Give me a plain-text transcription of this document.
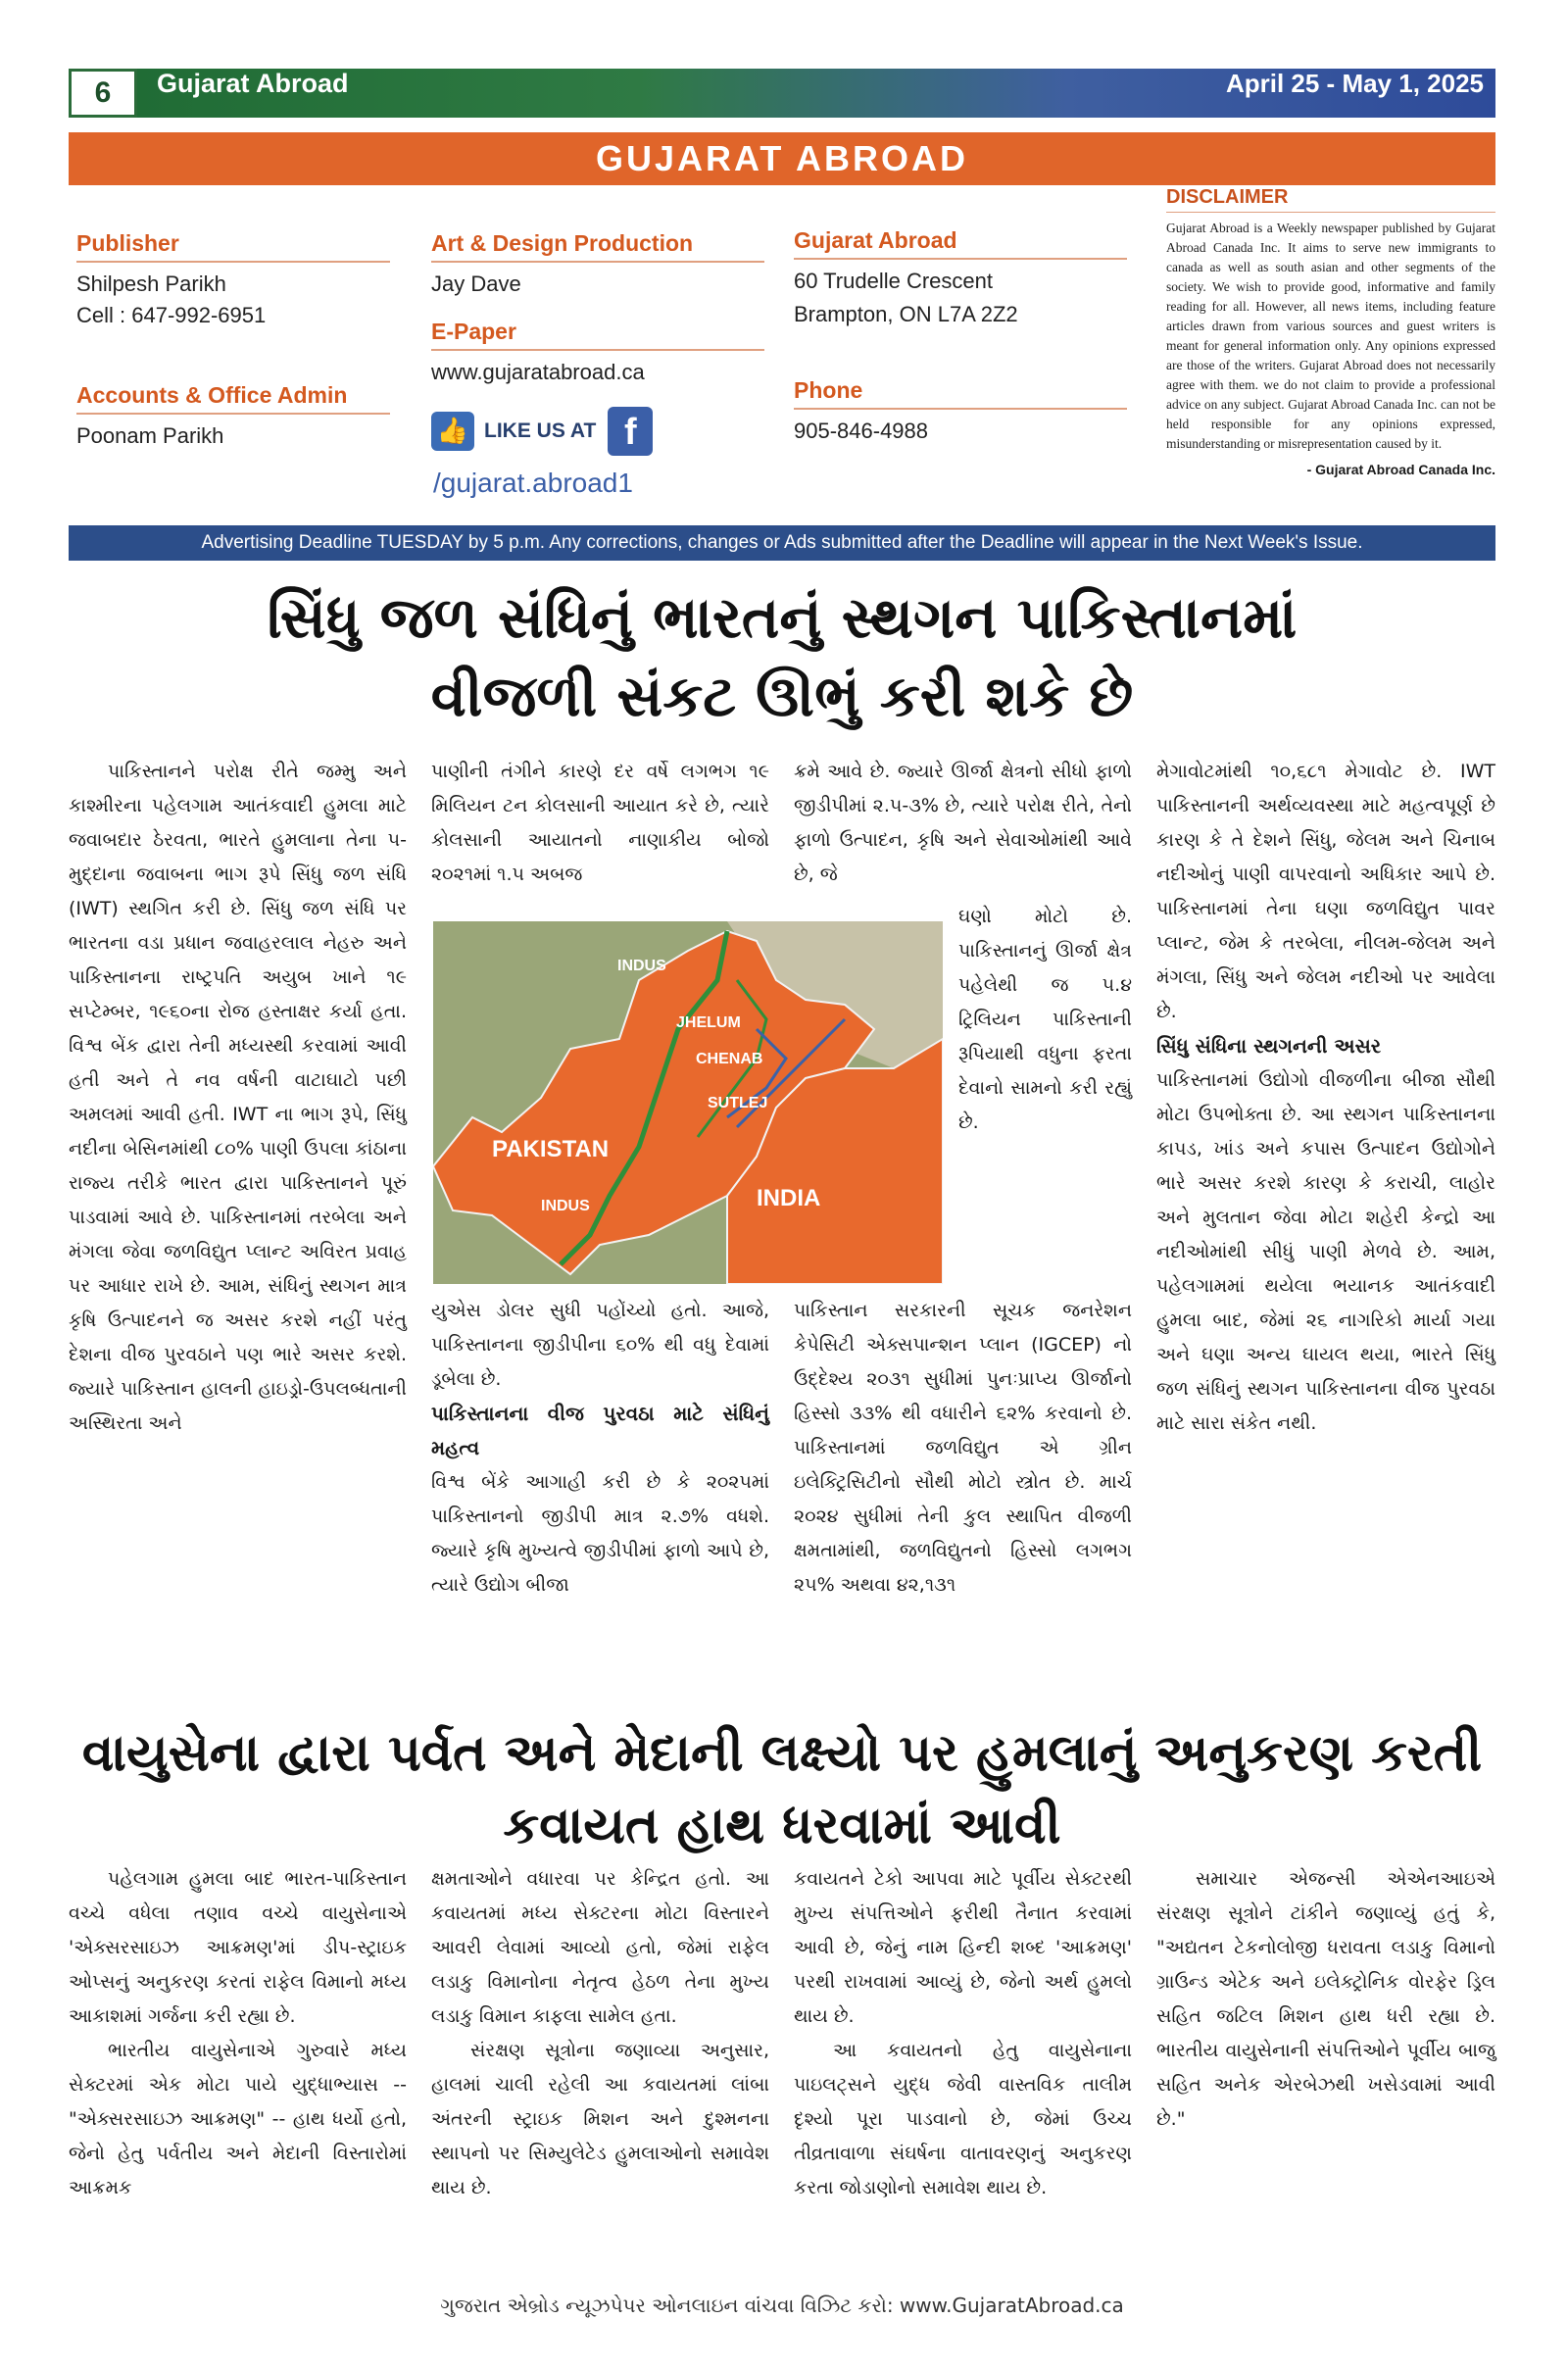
6	Gujarat Abroad	April 25 - May 1, 2025
GUJARAT ABROAD
Publisher
Shilpesh Parikh
Cell : 647-992-6951
Accounts & Office Admin
Poonam Parikh
Art & Design Production
Jay Dave
E-Paper
www.gujaratabroad.ca
👍 LIKE US AT f
/gujarat.abroad1
Gujarat Abroad
60 Trudelle Crescent
Brampton, ON L7A 2Z2
Phone
905-846-4988
DISCLAIMER
Gujarat Abroad is a Weekly newspaper published by Gujarat Abroad Canada Inc. It aims to serve new immigrants to canada as well as south asian and other segments of the society. We wish to provide good, informative and family reading for all. However, all news items, including feature articles drawn from various sources and guest writers is meant for general information only. Any opinions expressed are those of the writers. Gujarat Abroad does not necessarily agree with them. we do not claim to provide a professional advice on any subject. Gujarat Abroad Canada Inc. can not be held responsible for any opinions expressed, misunderstanding or misrepresentation caused by it.
- Gujarat Abroad Canada Inc.
Advertising Deadline TUESDAY by 5 p.m. Any corrections, changes or Ads submitted after the Deadline will appear in the Next Week's Issue.
સિંધુ જળ સંધિનું ભારતનું સ્થગન પાકિસ્તાનમાં
વીજળી સંકટ ઊભું કરી શકે છે

પાકિસ્તાનને પરોક્ષ રીતે જમ્મુ અને કાશ્મીરના પહેલગામ આતંકવાદી હુમલા માટે જવાબદાર ઠેરવતા, ભારતે હુમલાના તેના ૫-મુદ્દાના જવાબના ભાગ રૂપે સિંધુ જળ સંધિ (IWT) સ્થગિત કરી છે. સિંધુ જળ સંધિ પર ભારતના વડા પ્રધાન જવાહરલાલ નેહરુ અને પાકિસ્તાનના રાષ્ટ્રપતિ અયુબ ખાને ૧૯ સપ્ટેમ્બર, ૧૯૬૦ના રોજ હસ્તાક્ષર કર્યા હતા. વિશ્વ બેંક દ્વારા તેની મધ્યસ્થી કરવામાં આવી હતી અને તે નવ વર્ષની વાટાઘાટો પછી અમલમાં આવી હતી. IWT ના ભાગ રૂપે, સિંધુ નદીના બેસિનમાંથી ૮૦% પાણી ઉપલા કાંઠાના રાજ્ય તરીકે ભારત દ્વારા પાકિસ્તાનને પૂરું પાડવામાં આવે છે. પાકિસ્તાનમાં તરબેલા અને મંગલા જેવા જળવિદ્યુત પ્લાન્ટ અવિરત પ્રવાહ પર આધાર રાખે છે. આમ, સંધિનું સ્થગન માત્ર કૃષિ ઉત્પાદનને જ અસર કરશે નહીં પરંતુ દેશના વીજ પુરવઠાને પણ ભારે અસર કરશે. જ્યારે પાકિસ્તાન હાલની હાઇડ્રો-ઉપલબ્ધતાની અસ્થિરતા અને

પાણીની તંગીને કારણે દર વર્ષે લગભગ ૧૯ મિલિયન ટન કોલસાની આયાત કરે છે, ત્યારે કોલસાની આયાતનો નાણાકીય બોજો ૨૦૨૧માં ૧.૫ અબજ

INDUS
JHELUM
CHENAB
SUTLEJ
PAKISTAN
INDUS	INDIA

યુએસ ડોલર સુધી પહોંચ્યો હતો. આજે, પાકિસ્તાનના જીડીપીના ૬૦% થી વધુ દેવામાં ડૂબેલા છે.

પાકિસ્તાનના વીજ પુરવઠા માટે સંધિનું મહત્વ

વિશ્વ બેંકે આગાહી કરી છે કે ૨૦૨૫માં પાકિસ્તાનનો જીડીપી માત્ર ૨.૭% વધશે. જ્યારે કૃષિ મુખ્યત્વે જીડીપીમાં ફાળો આપે છે, ત્યારે ઉદ્યોગ બીજા

ક્રમે આવે છે. જ્યારે ઊર્જા ક્ષેત્રનો સીધો ફાળો જીડીપીમાં ૨.૫-૩% છે, ત્યારે પરોક્ષ રીતે, તેનો ફાળો ઉત્પાદન, કૃષિ અને સેવાઓમાંથી આવે છે, જે

ઘણો મોટો છે. પાકિસ્તાનનું ઊર્જા ક્ષેત્ર પહેલેથી જ ૫.૪ ટ્રિલિયન પાકિસ્તાની રૂપિયાથી વધુના ફરતા દેવાનો સામનો કરી રહ્યું છે.

પાકિસ્તાન સરકારની સૂચક જનરેશન કેપેસિટી એક્સપાન્શન પ્લાન (IGCEP) નો ઉદ્દેશ્ય ૨૦૩૧ સુધીમાં પુનઃપ્રાપ્ય ઊર્જાનો હિસ્સો ૩૩% થી વધારીને ૬૨% કરવાનો છે. પાકિસ્તાનમાં જળવિદ્યુત એ ગ્રીન ઇલેક્ટ્રિસિટીનો સૌથી મોટો સ્ત્રોત છે. માર્ચ ૨૦૨૪ સુધીમાં તેની કુલ સ્થાપિત વીજળી ક્ષમતામાંથી, જળવિદ્યુતનો હિસ્સો લગભગ ૨૫% અથવા ૪૨,૧૩૧

મેગાવોટમાંથી ૧૦,૬૮૧ મેગાવોટ છે. IWT પાકિસ્તાનની અર્થવ્યવસ્થા માટે મહત્વપૂર્ણ છે કારણ કે તે દેશને સિંધુ, જેલમ અને ચિનાબ નદીઓનું પાણી વાપરવાનો અધિકાર આપે છે. પાકિસ્તાનમાં તેના ઘણા જળવિદ્યુત પાવર પ્લાન્ટ, જેમ કે તરબેલા, નીલમ-જેલમ અને મંગલા, સિંધુ અને જેલમ નદીઓ પર આવેલા છે.

સિંધુ સંધિના સ્થગનની અસર

પાકિસ્તાનમાં ઉદ્યોગો વીજળીના બીજા સૌથી મોટા ઉપભોક્તા છે. આ સ્થગન પાકિસ્તાનના કાપડ, ખાંડ અને કપાસ ઉત્પાદન ઉદ્યોગોને ભારે અસર કરશે કારણ કે કરાચી, લાહોર અને મુલતાન જેવા મોટા શહેરી કેન્દ્રો આ નદીઓમાંથી સીધું પાણી મેળવે છે. આમ, પહેલગામમાં થયેલા ભયાનક આતંકવાદી હુમલા બાદ, જેમાં ૨૬ નાગરિકો માર્યા ગયા અને ઘણા અન્ય ઘાયલ થયા, ભારતે સિંધુ જળ સંધિનું સ્થગન પાકિસ્તાનના વીજ પુરવઠા માટે સારા સંકેત નથી.

વાયુસેના દ્વારા પર્વત અને મેદાની લક્ષ્યો પર હુમલાનું અનુકરણ કરતી
કવાયત હાથ ધરવામાં આવી

પહેલગામ હુમલા બાદ ભારત-પાકિસ્તાન વચ્ચે વધેલા તણાવ વચ્ચે વાયુસેનાએ 'એક્સરસાઇઝ આક્રમણ'માં ડીપ-સ્ટ્રાઇક ઓપ્સનું અનુકરણ કરતાં રાફેલ વિમાનો મધ્ય આકાશમાં ગર્જના કરી રહ્યા છે.

ભારતીય વાયુસેનાએ ગુરુવારે મધ્ય સેક્ટરમાં એક મોટા પાયે યુદ્ધાભ્યાસ -- "એક્સરસાઇઝ આક્રમણ" -- હાથ ધર્યો હતો, જેનો હેતુ પર્વતીય અને મેદાની વિસ્તારોમાં આક્રમક

ક્ષમતાઓને વધારવા પર કેન્દ્રિત હતો. આ કવાયતમાં મધ્ય સેક્ટરના મોટા વિસ્તારને આવરી લેવામાં આવ્યો હતો, જેમાં રાફેલ લડાકુ વિમાનોના નેતૃત્વ હેઠળ તેના મુખ્ય લડાકુ વિમાન કાફલા સામેલ હતા.

સંરક્ષણ સૂત્રોના જણાવ્યા અનુસાર, હાલમાં ચાલી રહેલી આ કવાયતમાં લાંબા અંતરની સ્ટ્રાઇક મિશન અને દુશ્મનના સ્થાપનો પર સિમ્યુલેટેડ હુમલાઓનો સમાવેશ થાય છે.

કવાયતને ટેકો આપવા માટે પૂર્વીય સેક્ટરથી મુખ્ય સંપત્તિઓને ફરીથી તૈનાત કરવામાં આવી છે, જેનું નામ હિન્દી શબ્દ 'આક્રમણ' પરથી રાખવામાં આવ્યું છે, જેનો અર્થ હુમલો થાય છે.

આ કવાયતનો હેતુ વાયુસેનાના પાઇલટ્સને યુદ્ધ જેવી વાસ્તવિક તાલીમ દૃશ્યો પૂરા પાડવાનો છે, જેમાં ઉચ્ચ તીવ્રતાવાળા સંઘર્ષના વાતાવરણનું અનુકરણ કરતા જોડાણોનો સમાવેશ થાય છે.

સમાચાર એજન્સી એએનઆઇએ સંરક્ષણ સૂત્રોને ટાંકીને જણાવ્યું હતું કે, "અદ્યતન ટેકનોલોજી ધરાવતા લડાકુ વિમાનો ગ્રાઉન્ડ એટેક અને ઇલેક્ટ્રોનિક વોરફેર ડ્રિલ સહિત જટિલ મિશન હાથ ધરી રહ્યા છે. ભારતીય વાયુસેનાની સંપત્તિઓને પૂર્વીય બાજુ સહિત અનેક એરબેઝથી ખસેડવામાં આવી છે."

ગુજરાત એબ્રોડ ન્યૂઝપેપર ઓનલાઇન વાંચવા વિઝિટ કરો: www.GujaratAbroad.ca
